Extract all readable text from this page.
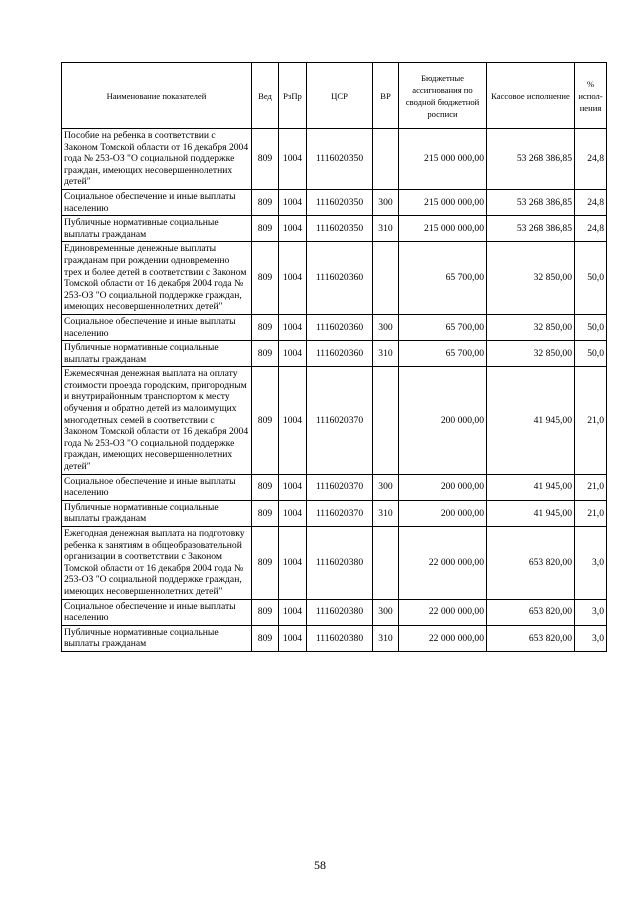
Наименование показателей	Вед	РзПр	ЦСР	ВР	Бюджетные ассигнования по сводной бюджетной росписи	Кассовое исполнение	% испол-нения
Пособие на ребенка в соответствии с Законом Томской области от 16 декабря 2004 года № 253-ОЗ "О социальной поддержке граждан, имеющих несовершеннолетних детей"	809	1004	1116020350		215 000 000,00	53 268 386,85	24,8
Социальное обеспечение и иные выплаты населению	809	1004	1116020350	300	215 000 000,00	53 268 386,85	24,8
Публичные нормативные социальные выплаты гражданам	809	1004	1116020350	310	215 000 000,00	53 268 386,85	24,8
Единовременные денежные выплаты гражданам при рождении одновременно трех и более детей в соответствии с Законом Томской области от 16 декабря 2004 года № 253-ОЗ "О социальной поддержке граждан, имеющих несовершеннолетних детей"	809	1004	1116020360		65 700,00	32 850,00	50,0
Социальное обеспечение и иные выплаты населению	809	1004	1116020360	300	65 700,00	32 850,00	50,0
Публичные нормативные социальные выплаты гражданам	809	1004	1116020360	310	65 700,00	32 850,00	50,0
Ежемесячная денежная выплата на оплату стоимости проезда городским, пригородным и внутрирайонным транспортом к месту обучения и обратно детей из малоимущих многодетных семей в соответствии с Законом Томской области от 16 декабря 2004 года № 253-ОЗ "О социальной поддержке граждан, имеющих несовершеннолетних детей"	809	1004	1116020370		200 000,00	41 945,00	21,0
Социальное обеспечение и иные выплаты населению	809	1004	1116020370	300	200 000,00	41 945,00	21,0
Публичные нормативные социальные выплаты гражданам	809	1004	1116020370	310	200 000,00	41 945,00	21,0
Ежегодная денежная выплата на подготовку ребенка к занятиям в общеобразовательной организации в соответствии с Законом Томской области от 16 декабря 2004 года № 253-ОЗ "О социальной поддержке граждан, имеющих несовершеннолетних детей"	809	1004	1116020380		22 000 000,00	653 820,00	3,0
Социальное обеспечение и иные выплаты населению	809	1004	1116020380	300	22 000 000,00	653 820,00	3,0
Публичные нормативные социальные выплаты гражданам	809	1004	1116020380	310	22 000 000,00	653 820,00	3,0
58
